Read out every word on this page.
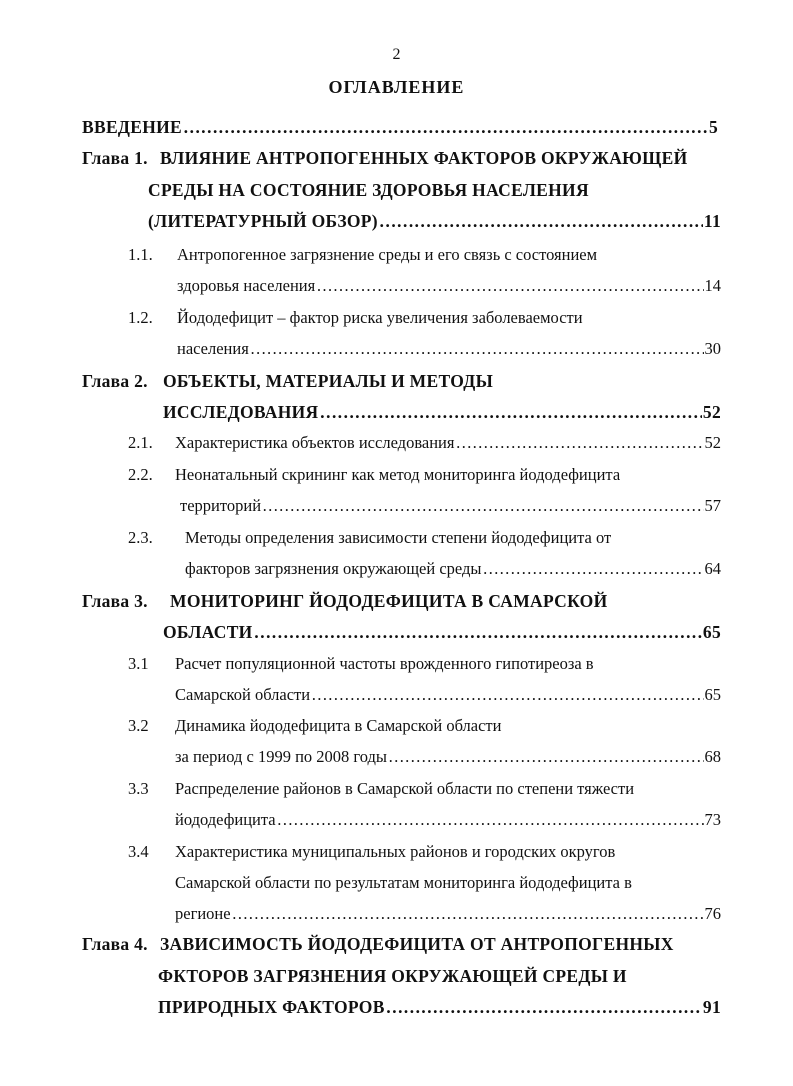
2
ОГЛАВЛЕНИЕ
ВВЕДЕНИЕ …………………………………………………………………………………………………………………………………………	5
Глава 1. ВЛИЯНИЕ АНТРОПОГЕННЫХ ФАКТОРОВ ОКРУЖАЮЩЕЙ
СРЕДЫ НА СОСТОЯНИЕ ЗДОРОВЬЯ НАСЕЛЕНИЯ
(ЛИТЕРАТУРНЫЙ ОБЗОР) …………………………………………………………………………………………………………………………………………	11
1.1. Антропогенное загрязнение среды и его связь с состоянием
здоровья населения …………………………………………………………………………………………………………………………………………	14
1.2. Йододефицит – фактор риска увеличения заболеваемости
населения …………………………………………………………………………………………………………………………………………	30
Глава 2. ОБЪЕКТЫ, МАТЕРИАЛЫ И МЕТОДЫ
ИССЛЕДОВАНИЯ …………………………………………………………………………………………………………………………………………	52
2.1. Характеристика объектов исследования …………………………………………………………………………………………………………………………………………	52
2.2. Неонатальный скрининг как метод мониторинга йододефицита
территорий …………………………………………………………………………………………………………………………………………	57
2.3. Методы определения зависимости степени йододефицита от
факторов загрязнения окружающей среды …………………………………………………………………………………………………………………………………………	64
Глава 3. МОНИТОРИНГ ЙОДОДЕФИЦИТА В САМАРСКОЙ
ОБЛАСТИ …………………………………………………………………………………………………………………………………………	65
3.1 Расчет популяционной частоты врожденного гипотиреоза в
Самарской области …………………………………………………………………………………………………………………………………………	65
3.2 Динамика йододефицита в Самарской области
за период с 1999 по 2008 годы …………………………………………………………………………………………………………………………………………	68
3.3 Распределение районов в Самарской области по степени тяжести
йододефицита …………………………………………………………………………………………………………………………………………	73
3.4 Характеристика муниципальных районов и городских округов
Самарской области по результатам мониторинга йододефицита в
регионе …………………………………………………………………………………………………………………………………………	76
Глава 4. ЗАВИСИМОСТЬ ЙОДОДЕФИЦИТА ОТ АНТРОПОГЕННЫХ
ФКТОРОВ ЗАГРЯЗНЕНИЯ ОКРУЖАЮЩЕЙ СРЕДЫ И
ПРИРОДНЫХ ФАКТОРОВ …………………………………………………………………………………………………………………………………………	91
